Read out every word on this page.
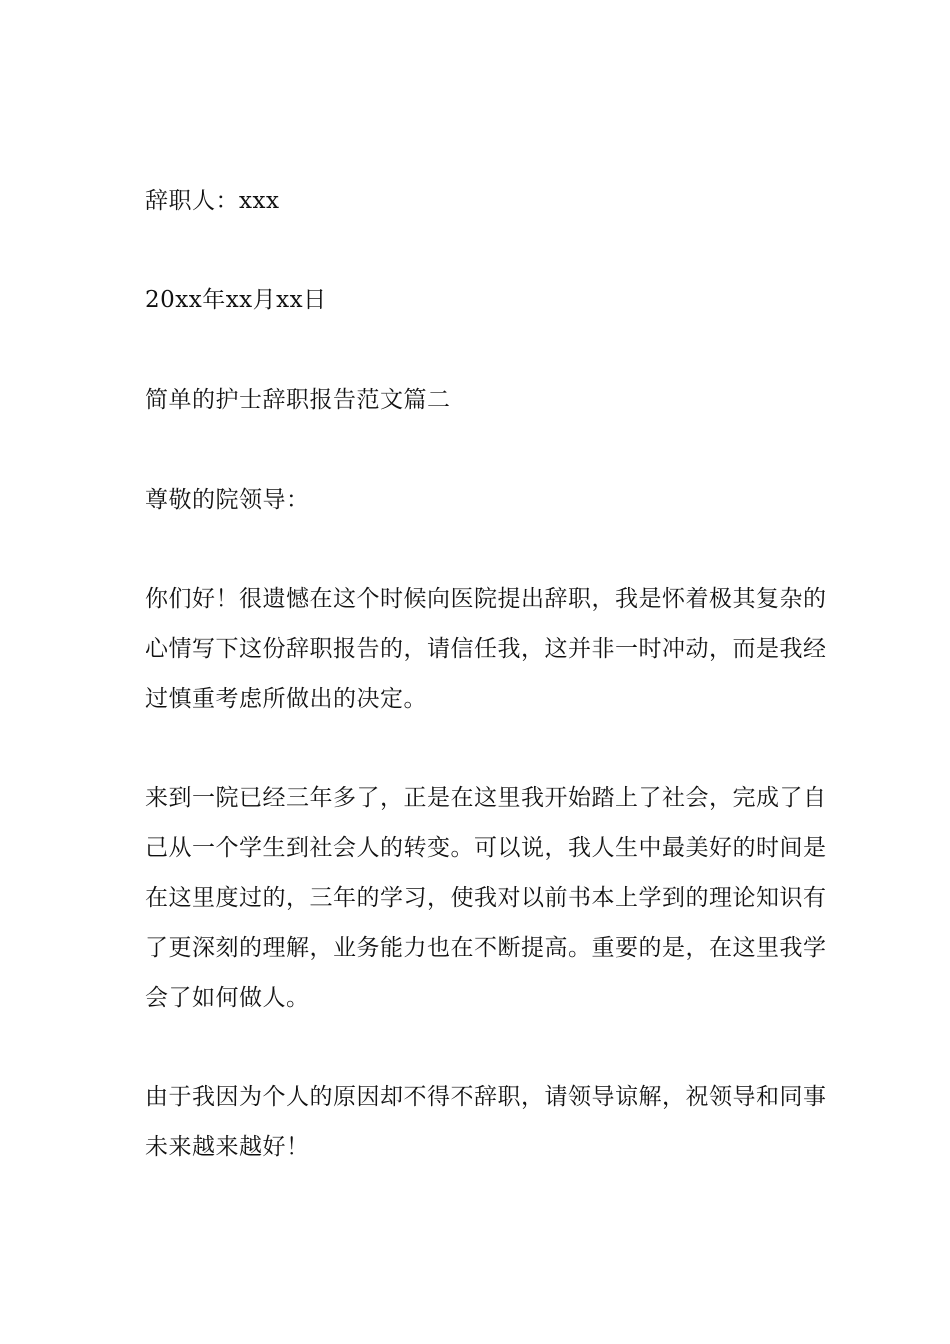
辞职人：xxx
20xx年xx月xx日
简单的护士辞职报告范文篇二
尊敬的院领导：
你们好！很遗憾在这个时候向医院提出辞职，我是怀着极其复杂的
心情写下这份辞职报告的，请信任我，这并非一时冲动，而是我经
过慎重考虑所做出的决定。
来到一院已经三年多了，正是在这里我开始踏上了社会，完成了自
己从一个学生到社会人的转变。可以说，我人生中最美好的时间是
在这里度过的，三年的学习，使我对以前书本上学到的理论知识有
了更深刻的理解，业务能力也在不断提高。重要的是，在这里我学
会了如何做人。
由于我因为个人的原因却不得不辞职，请领导谅解，祝领导和同事
未来越来越好！
